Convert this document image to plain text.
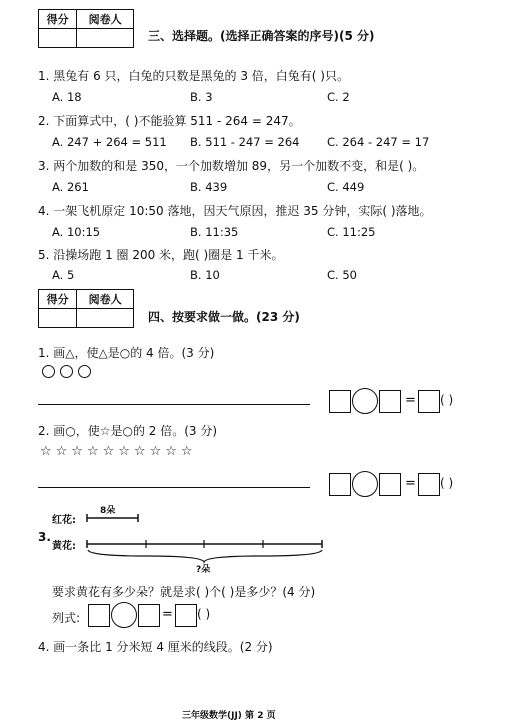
得分	阅卷人

三、选择题。(选择正确答案的序号)(5 分)
1. 黑兔有 6 只，白兔的只数是黑兔的 3 倍，白兔有( )只。
A. 18	B. 3	C. 2
2. 下面算式中，( )不能验算 511 - 264 = 247。
A. 247 + 264 = 511 B. 511 - 247 = 264 C. 264 - 247 = 17
3. 两个加数的和是 350，一个加数增加 89，另一个加数不变，和是( )。
A. 261	B. 439	C. 449
4. 一架飞机原定 10:50 落地，因天气原因，推迟 35 分钟，实际( )落地。
A. 10:15	B. 11:35	C. 11:25
5. 沿操场跑 1 圈 200 米，跑( )圈是 1 千米。
A. 5	B. 10	C. 50
得分	阅卷人

四、按要求做一做。(23 分)
1. 画△，使△是○的 4 倍。(3 分)
= ( )
2. 画○，使☆是○的 2 倍。(3 分)
☆☆☆☆☆☆☆☆☆☆
= ( )
红花:
8朵
3.
黄花:
?朵
要求黄花有多少朵？就是求( )个( )是多少？(4 分)
列式:	= ( )
4. 画一条比 1 分米短 4 厘米的线段。(2 分)
三年级数学(JJ) 第 2 页
